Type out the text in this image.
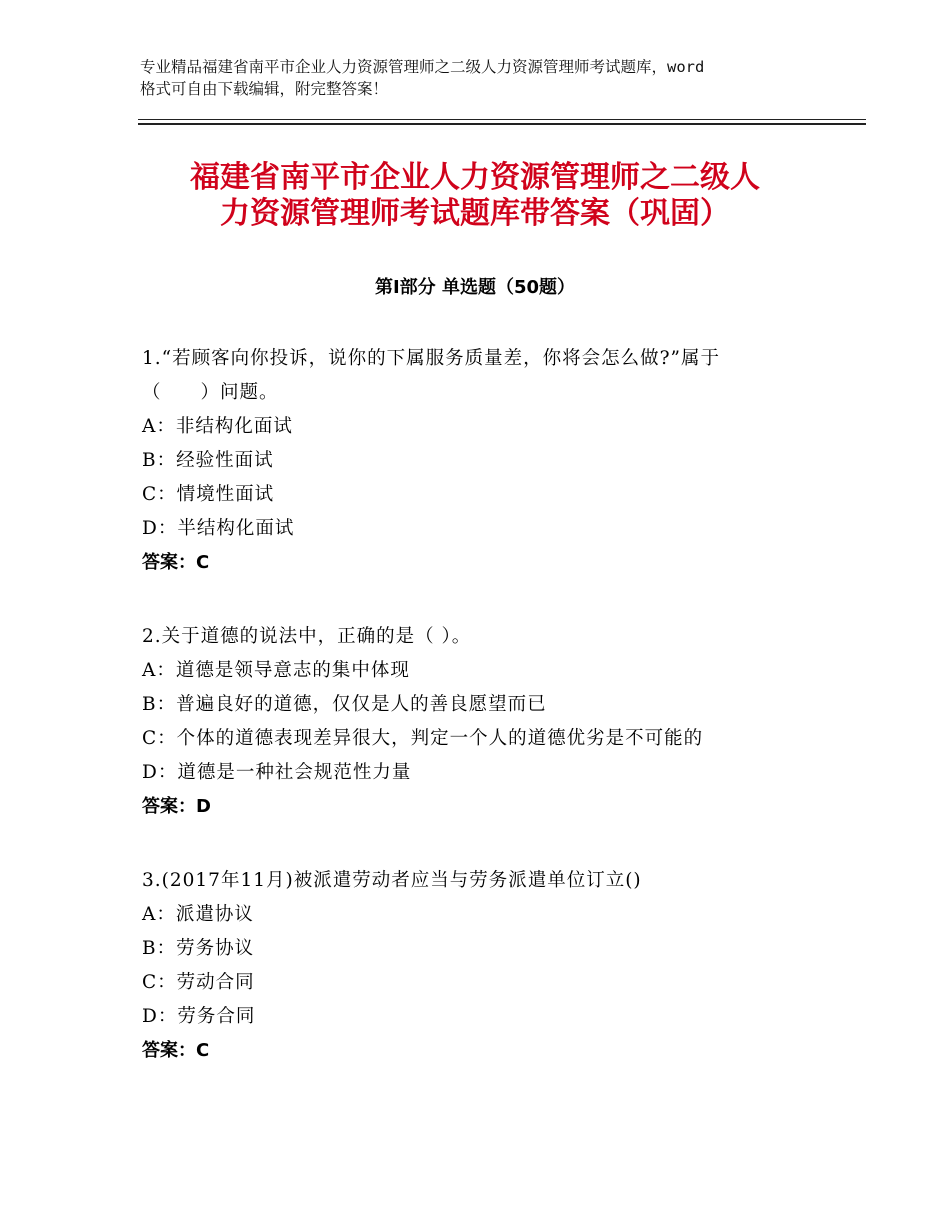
专业精品福建省南平市企业人力资源管理师之二级人力资源管理师考试题库，word
格式可自由下载编辑，附完整答案！
福建省南平市企业人力资源管理师之二级人
力资源管理师考试题库带答案（巩固）
第Ⅰ部分 单选题（50题）
1.“若顾客向你投诉，说你的下属服务质量差，你将会怎么做?”属于
（　　）问题。
A：非结构化面试
B：经验性面试
C：情境性面试
D：半结构化面试
答案：C
2.关于道德的说法中，正确的是（ ）。
A：道德是领导意志的集中体现
B：普遍良好的道德，仅仅是人的善良愿望而已
C：个体的道德表现差异很大，判定一个人的道德优劣是不可能的
D：道德是一种社会规范性力量
答案：D
3.(2017年11月)被派遣劳动者应当与劳务派遣单位订立()
A：派遣协议
B：劳务协议
C：劳动合同
D：劳务合同
答案：C
